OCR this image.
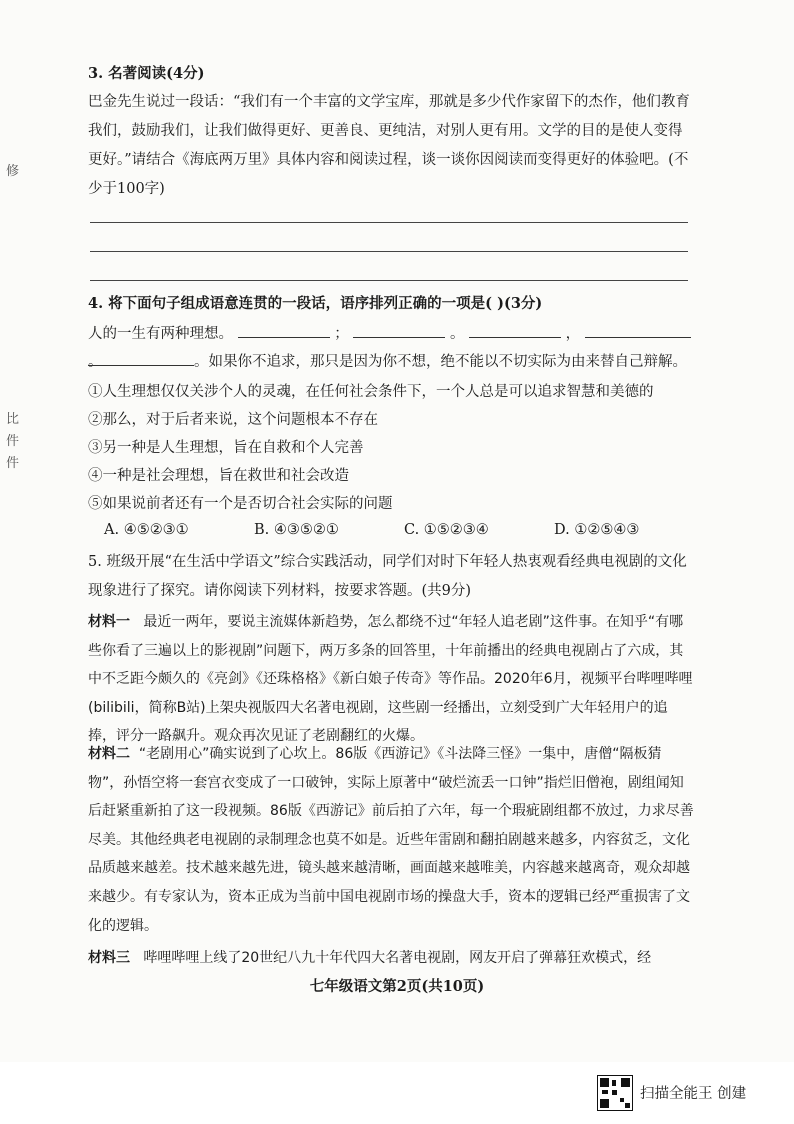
修
比
件
件
3. 名著阅读(4分)
巴金先生说过一段话：“我们有一个丰富的文学宝库，那就是多少代作家留下的杰作，他们教育我们，鼓励我们，让我们做得更好、更善良、更纯洁，对别人更有用。文学的目的是使人变得更好。”请结合《海底两万里》具体内容和阅读过程，谈一谈你因阅读而变得更好的体验吧。(不少于100字)
4. 将下面句子组成语意连贯的一段话，语序排列正确的一项是( )(3分)
人的一生有两种理想。	；	。	，  。	。如果你不追求，那只是因为你不想，绝不能以不切实际为由来替自己辩解。
①人生理想仅仅关涉个人的灵魂，在任何社会条件下，一个人总是可以追求智慧和美德的
②那么，对于后者来说，这个问题根本不存在
③另一种是人生理想，旨在自救和个人完善
④一种是社会理想，旨在救世和社会改造
⑤如果说前者还有一个是否切合社会实际的问题
A. ④⑤②③①	B. ④③⑤②①	C. ①⑤②③④	D. ①②⑤④③
5. 班级开展“在生活中学语文”综合实践活动，同学们对时下年轻人热衷观看经典电视剧的文化现象进行了探究。请你阅读下列材料，按要求答题。(共9分)
材料一 最近一两年，要说主流媒体新趋势，怎么都绕不过“年轻人追老剧”这件事。在知乎“有哪些你看了三遍以上的影视剧”问题下，两万多条的回答里，十年前播出的经典电视剧占了六成，其中不乏距今颇久的《亮剑》《还珠格格》《新白娘子传奇》等作品。2020年6月，视频平台哔哩哔哩(bilibili，简称B站)上架央视版四大名著电视剧，这些剧一经播出，立刻受到广大年轻用户的追捧，评分一路飙升。观众再次见证了老剧翻红的火爆。
材料二 “老剧用心”确实说到了心坎上。86版《西游记》《斗法降三怪》一集中，唐僧“隔板猜物”，孙悟空将一套宫衣变成了一口破钟，实际上原著中“破烂流丢一口钟”指烂旧僧袍，剧组闻知后赶紧重新拍了这一段视频。86版《西游记》前后拍了六年，每一个瑕疵剧组都不放过，力求尽善尽美。其他经典老电视剧的录制理念也莫不如是。近些年雷剧和翻拍剧越来越多，内容贫乏，文化品质越来越差。技术越来越先进，镜头越来越清晰，画面越来越唯美，内容越来越离奇，观众却越来越少。有专家认为，资本正成为当前中国电视剧市场的操盘大手，资本的逻辑已经严重损害了文化的逻辑。
材料三 哔哩哔哩上线了20世纪八九十年代四大名著电视剧，网友开启了弹幕狂欢模式，经
七年级语文第2页(共10页)
扫描全能王 创建
